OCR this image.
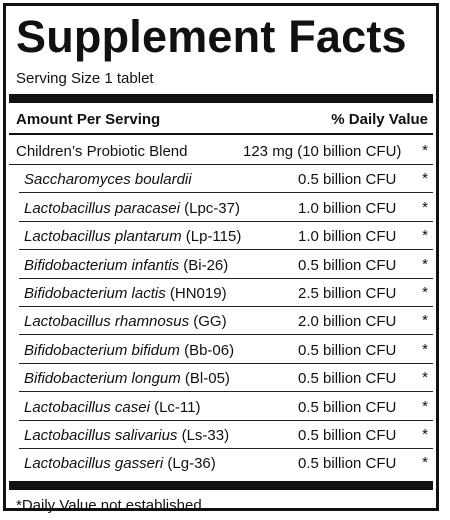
Supplement Facts
Serving Size 1 tablet
Amount Per Serving	% Daily Value
Children’s Probiotic Blend	123 mg (10 billion CFU) *
Saccharomyces boulardii	0.5 billion CFU *
Lactobacillus paracasei (Lpc-37)	1.0 billion CFU *
Lactobacillus plantarum (Lp-115)	1.0 billion CFU *
Bifidobacterium infantis (Bi-26)	0.5 billion CFU *
Bifidobacterium lactis (HN019)	2.5 billion CFU *
Lactobacillus rhamnosus (GG)	2.0 billion CFU *
Bifidobacterium bifidum (Bb-06)	0.5 billion CFU *
Bifidobacterium longum (Bl-05)	0.5 billion CFU *
Lactobacillus casei (Lc-11)	0.5 billion CFU *
Lactobacillus salivarius (Ls-33)	0.5 billion CFU *
Lactobacillus gasseri (Lg-36)	0.5 billion CFU *
*Daily Value not established.
